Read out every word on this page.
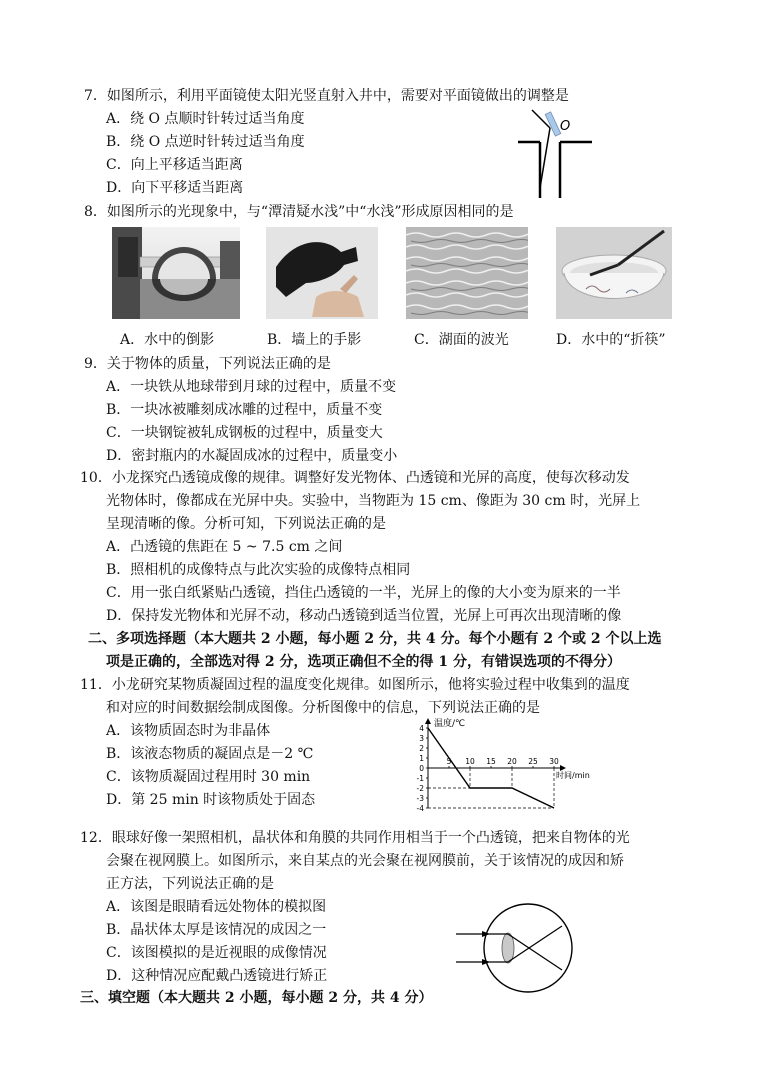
7．如图所示，利用平面镜使太阳光竖直射入井中，需要对平面镜做出的调整是
A．绕 O 点顺时针转过适当角度
B．绕 O 点逆时针转过适当角度
C．向上平移适当距离
D．向下平移适当距离
O
8．如图所示的光现象中，与“潭清疑水浅”中“水浅”形成原因相同的是
A．水中的倒影	B．墙上的手影	C．湖面的波光	D．水中的“折筷”
9．关于物体的质量，下列说法正确的是
A．一块铁从地球带到月球的过程中，质量不变
B．一块冰被雕刻成冰雕的过程中，质量不变
C．一块钢锭被轧成钢板的过程中，质量变大
D．密封瓶内的水凝固成冰的过程中，质量变小
10．小龙探究凸透镜成像的规律。调整好发光物体、凸透镜和光屏的高度，使每次移动发
光物体时，像都成在光屏中央。实验中，当物距为 15 cm、像距为 30 cm 时，光屏上
呈现清晰的像。分析可知，下列说法正确的是
A．凸透镜的焦距在 5 ~ 7.5 cm 之间
B．照相机的成像特点与此次实验的成像特点相同
C．用一张白纸紧贴凸透镜，挡住凸透镜的一半，光屏上的像的大小变为原来的一半
D．保持发光物体和光屏不动，移动凸透镜到适当位置，光屏上可再次出现清晰的像
二、多项选择题（本大题共 2 小题，每小题 2 分，共 4 分。每个小题有 2 个或 2 个以上选
项是正确的，全部选对得 2 分，选项正确但不全的得 1 分，有错误选项的不得分）
11．小龙研究某物质凝固过程的温度变化规律。如图所示，他将实验过程中收集到的温度
和对应的时间数据绘制成图像。分析图像中的信息，下列说法正确的是
A．该物质固态时为非晶体
B．该液态物质的凝固点是－2 ℃
C．该物质凝固过程用时 30 min
D．第 25 min 时该物质处于固态
温度/℃
时间/min
4
3
2
1
0
-1
-2
-3
-4
5 10 15 20 25 30
12．眼球好像一架照相机，晶状体和角膜的共同作用相当于一个凸透镜，把来自物体的光
会聚在视网膜上。如图所示，来自某点的光会聚在视网膜前，关于该情况的成因和矫
正方法，下列说法正确的是
A．该图是眼睛看远处物体的模拟图
B．晶状体太厚是该情况的成因之一
C．该图模拟的是近视眼的成像情况
D．这种情况应配戴凸透镜进行矫正
三、填空题（本大题共 2 小题，每小题 2 分，共 4 分）
